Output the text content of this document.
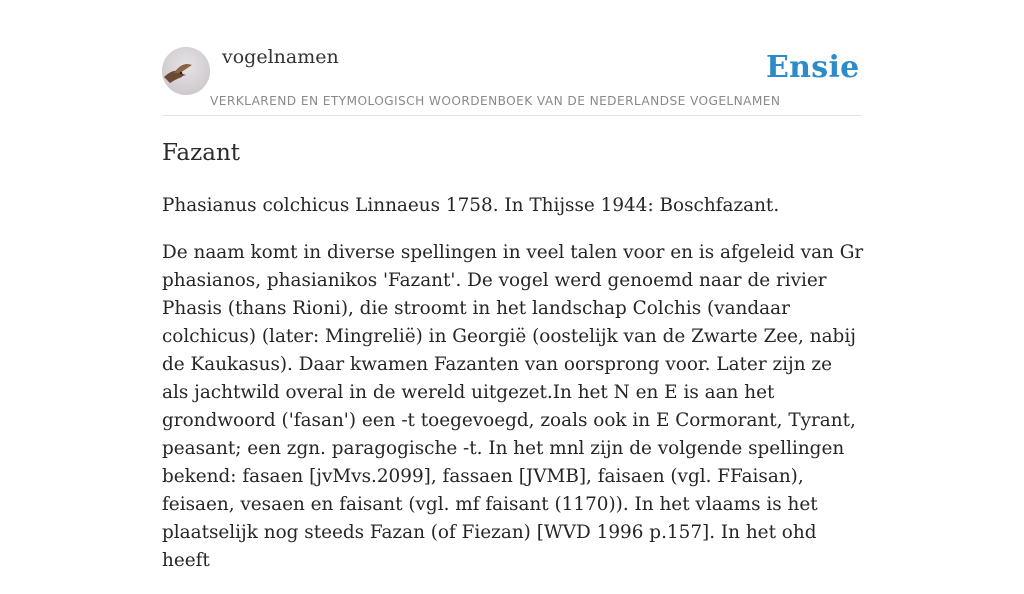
vogelnamen	Ensie
VERKLAREND EN ETYMOLOGISCH WOORDENBOEK VAN DE NEDERLANDSE VOGELNAMEN
Fazant

Phasianus colchicus Linnaeus 1758. In Thijsse 1944: Boschfazant.

De naam komt in diverse spellingen in veel talen voor en is afgeleid van Gr phasianos, phasianikos 'Fazant'. De vogel werd genoemd naar de rivier Phasis (thans Rioni), die stroomt in het landschap Colchis (vandaar colchicus) (later: Mingrelië) in Georgië (oostelijk van de Zwarte Zee, nabij de Kaukasus). Daar kwamen Fazanten van oorsprong voor. Later zijn ze als jachtwild overal in de wereld uitgezet.In het N en E is aan het grondwoord ('fasan') een -t toegevoegd, zoals ook in E Cormorant, Tyrant, peasant; een zgn. paragogische -t. In het mnl zijn de volgende spellingen bekend: fasaen [jvMvs.2099], fassaen [JVMB], faisaen (vgl. FFaisan), feisaen, vesaen en faisant (vgl. mf faisant (1170)). In het vlaams is het plaatselijk nog steeds Fazan (of Fiezan) [WVD 1996 p.157]. In het ohd heeft
